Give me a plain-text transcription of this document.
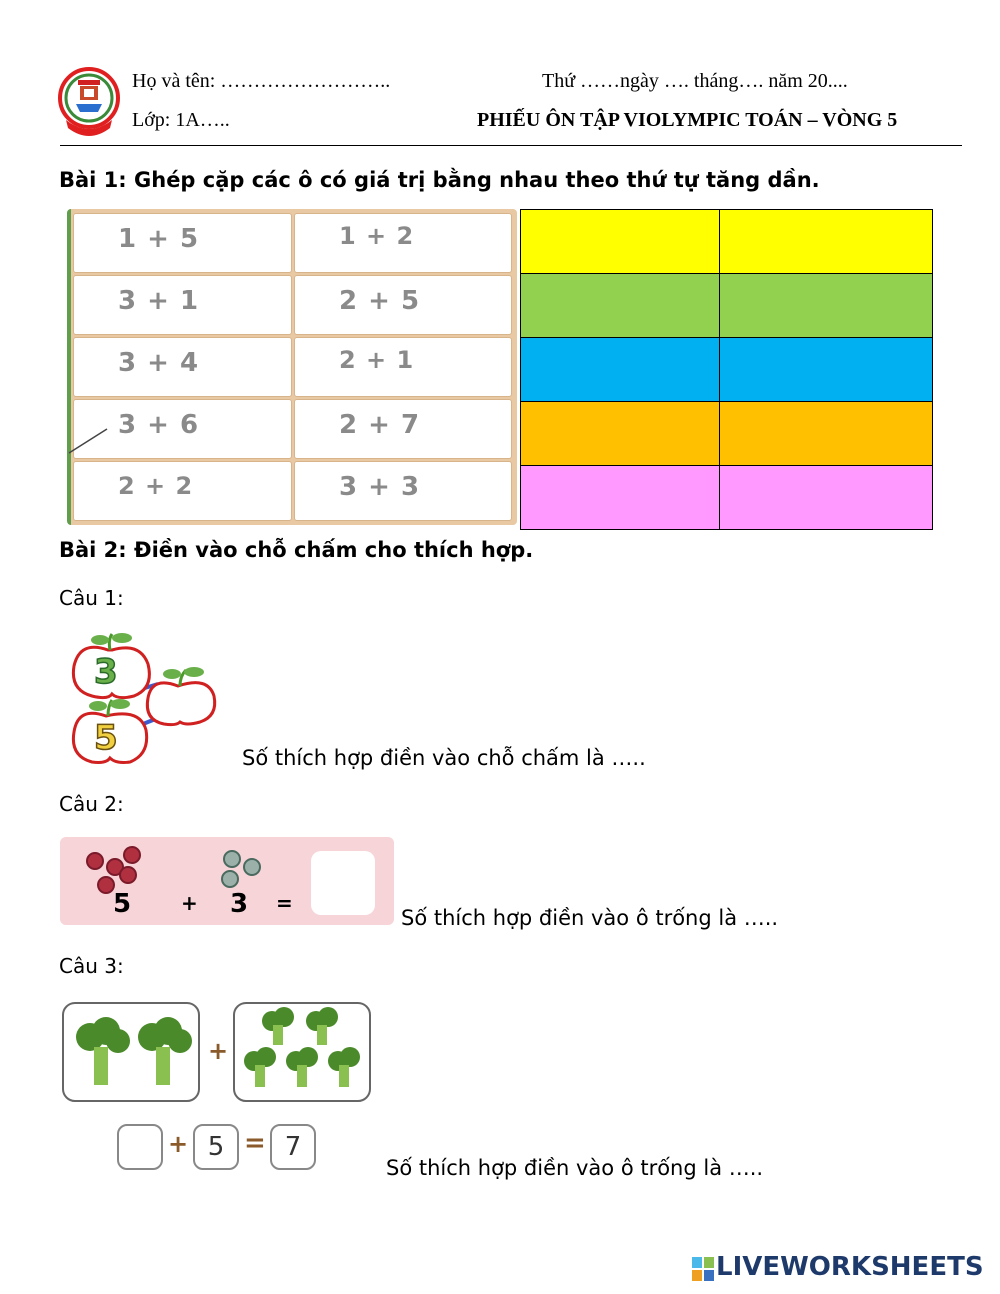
Họ và tên: ……………………..	Thứ ……ngày …. tháng…. năm 20....
Lớp: 1A…..	PHIẾU ÔN TẬP VIOLYMPIC TOÁN – VÒNG 5
Bài 1: Ghép cặp các ô có giá trị bằng nhau theo thứ tự tăng dần.
1 + 5	1 + 2
3 + 1	2 + 5
3 + 4	2 + 1
3 + 6	2 + 7
2 + 2	3 + 3
Bài 2: Điền vào chỗ chấm cho thích hợp.
Câu 1:
3
5	Số thích hợp điền vào chỗ chấm là …..
Câu 2:
5 + 3 =
Số thích hợp điền vào ô trống là …..
Câu 3:
+
+ 5 = 7
Số thích hợp điền vào ô trống là …..
LIVEWORKSHEETS
